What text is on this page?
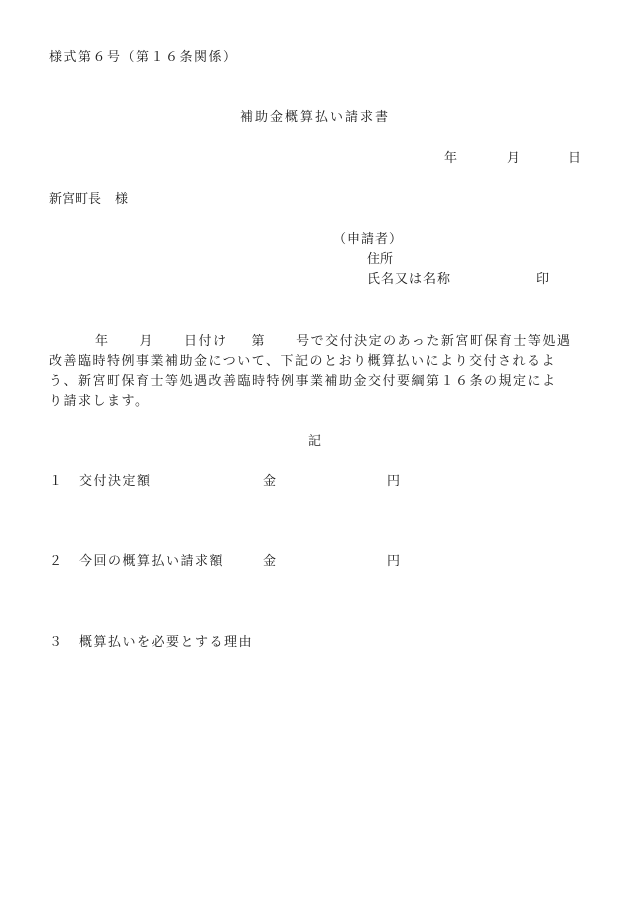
様式第６号（第１６条関係）
補助金概算払い請求書
年	月	日
新宮町長 様
（申請者）
住所
氏名又は名称	印
年 月 日付け 第 号で交付決定のあった新宮町保育士等処遇
改善臨時特例事業補助金について、下記のとおり概算払いにより交付されるよ
う、新宮町保育士等処遇改善臨時特例事業補助金交付要綱第１６条の規定によ
り請求します。
記
１ 交付決定額	金	円
２ 今回の概算払い請求額	金	円
３ 概算払いを必要とする理由
